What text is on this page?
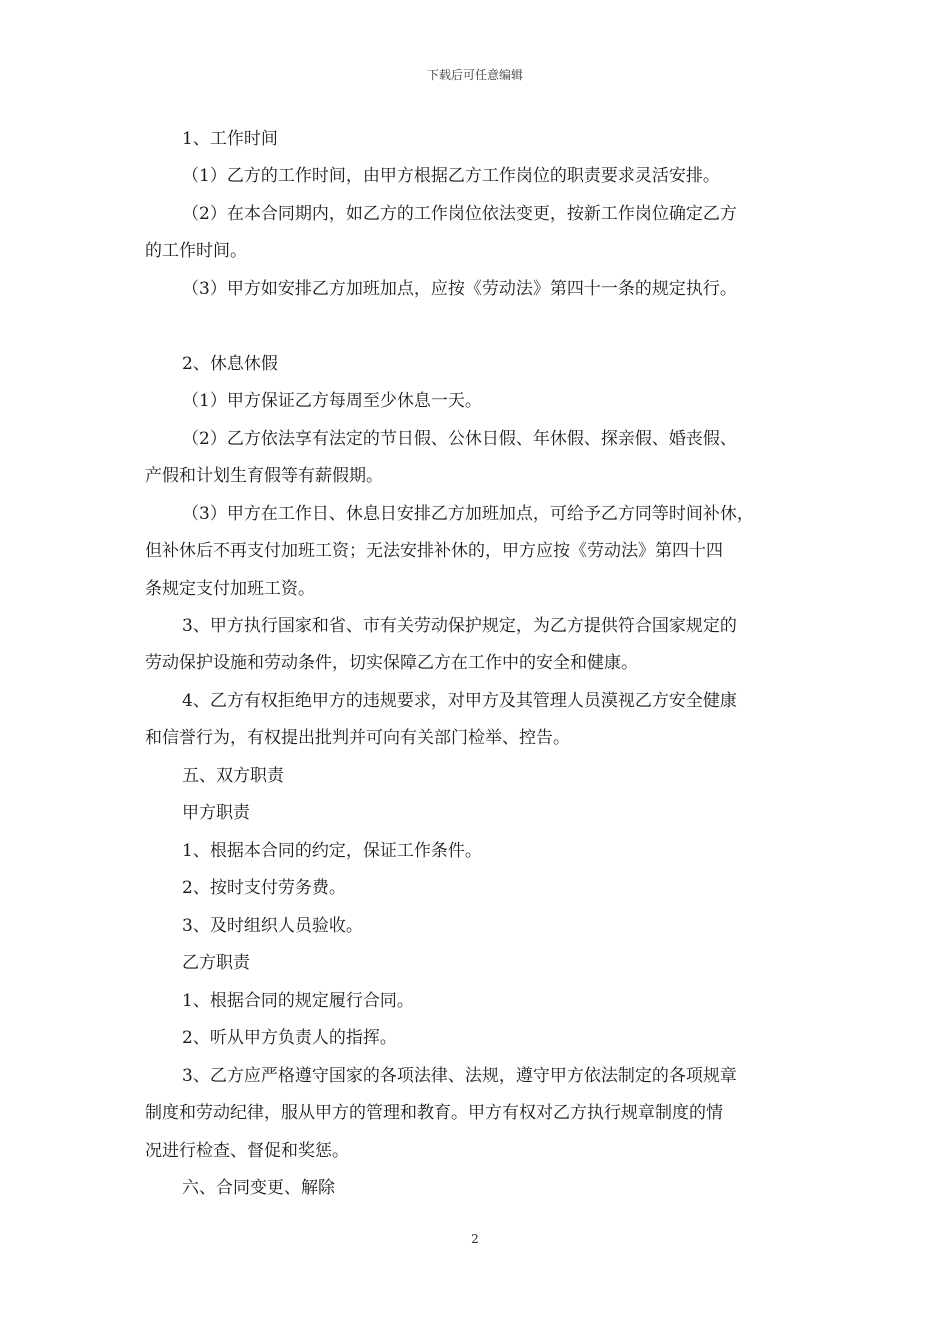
下载后可任意编辑
1、工作时间
（1）乙方的工作时间，由甲方根据乙方工作岗位的职责要求灵活安排。
（2）在本合同期内，如乙方的工作岗位依法变更，按新工作岗位确定乙方
的工作时间。
（3）甲方如安排乙方加班加点，应按《劳动法》第四十一条的规定执行。
2、休息休假
（1）甲方保证乙方每周至少休息一天。
（2）乙方依法享有法定的节日假、公休日假、年休假、探亲假、婚丧假、
产假和计划生育假等有薪假期。
（3）甲方在工作日、休息日安排乙方加班加点，可给予乙方同等时间补休，
但补休后不再支付加班工资；无法安排补休的，甲方应按《劳动法》第四十四
条规定支付加班工资。
3、甲方执行国家和省、市有关劳动保护规定，为乙方提供符合国家规定的
劳动保护设施和劳动条件，切实保障乙方在工作中的安全和健康。
4、乙方有权拒绝甲方的违规要求，对甲方及其管理人员漠视乙方安全健康
和信誉行为，有权提出批判并可向有关部门检举、控告。
五、双方职责
甲方职责
1、根据本合同的约定，保证工作条件。
2、按时支付劳务费。
3、及时组织人员验收。
乙方职责
1、根据合同的规定履行合同。
2、听从甲方负责人的指挥。
3、乙方应严格遵守国家的各项法律、法规，遵守甲方依法制定的各项规章
制度和劳动纪律，服从甲方的管理和教育。甲方有权对乙方执行规章制度的情
况进行检查、督促和奖惩。
六、合同变更、解除
2
